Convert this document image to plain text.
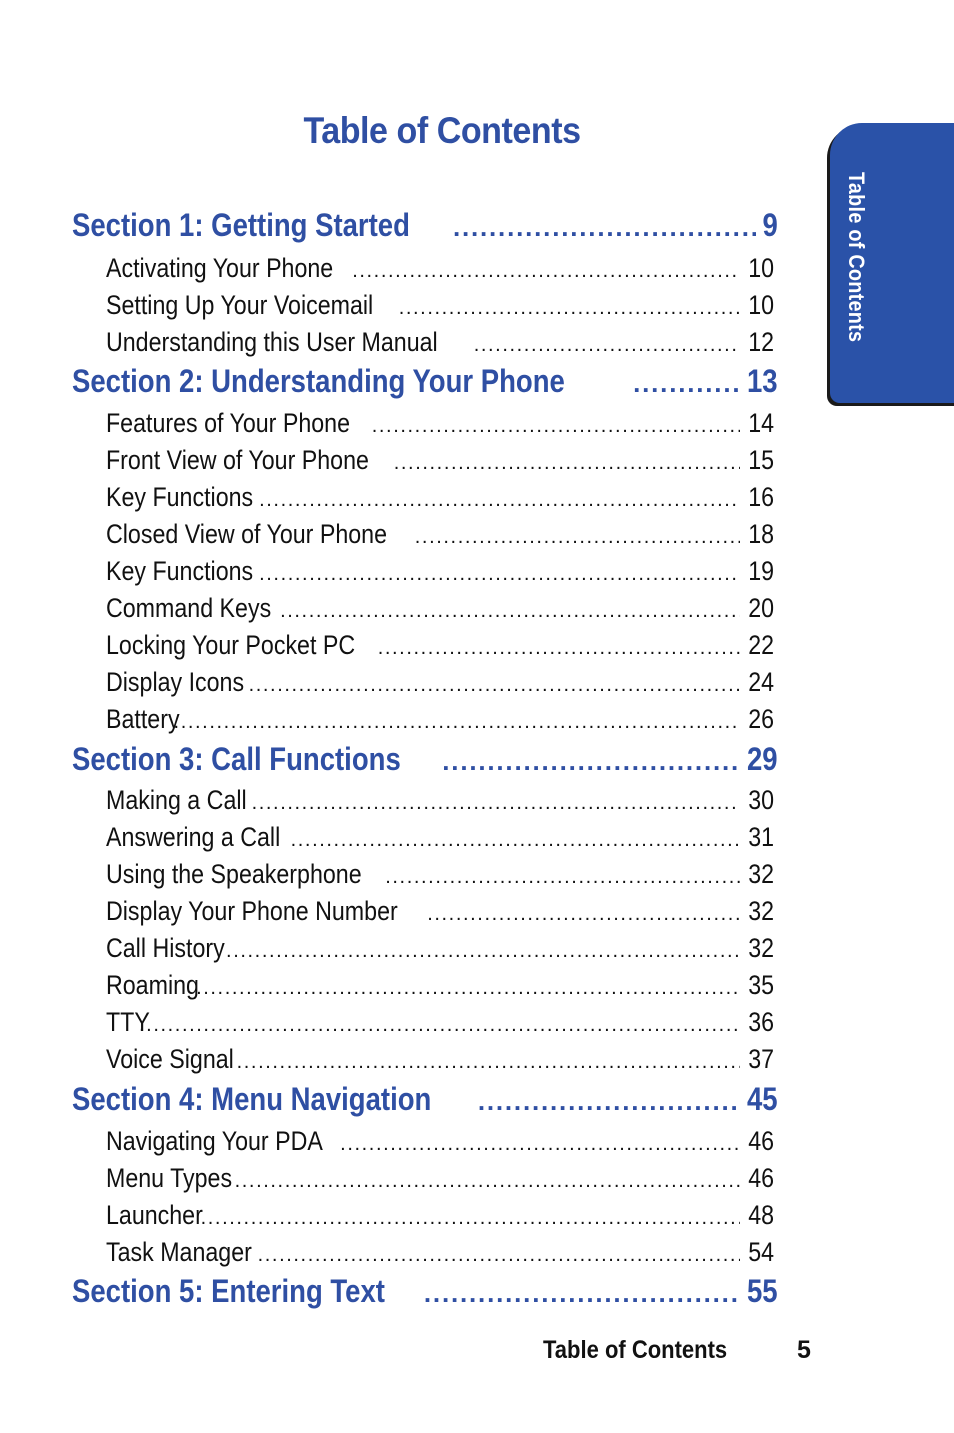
Table of Contents
Table of Contents
Section 1: Getting Started .....	9
Activating Your Phone .....	10
Setting Up Your Voicemail .....	10
Understanding this User Manual .....	12
Section 2: Understanding Your Phone .....	13
Features of Your Phone .....	14
Front View of Your Phone .....	15
Key Functions .....	16
Closed View of Your Phone .....	18
Key Functions .....	19
Command Keys .....	20
Locking Your Pocket PC .....	22
Display Icons .....	24
Battery .....	26
Section 3: Call Functions .....	29
Making a Call .....	30
Answering a Call .....	31
Using the Speakerphone .....	32
Display Your Phone Number .....	32
Call History .....	32
Roaming .....	35
TTY .....	36
Voice Signal .....	37
Section 4: Menu Navigation .....	45
Navigating Your PDA .....	46
Menu Types .....	46
Launcher .....	48
Task Manager .....	54
Section 5: Entering Text .....	55
Table of Contents	5
